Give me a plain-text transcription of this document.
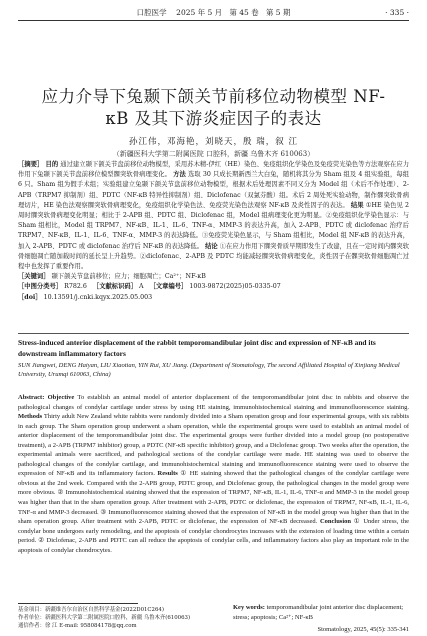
口腔医学 2025 年 5 月 第 45 卷 第 5 期	· 335 ·
应力介导下兔颞下颌关节前移位动物模型 NF-κB 及其下游炎症因子的表达
孙江伟，邓海艳，刘晓天，殷 瑞，叙 江
（新疆医科大学第二附属医院 口腔科，新疆 乌鲁木齐 610063）

［摘要］ 目的 通过建立颞下颌关节盘前移位动物模型，采用苏木精-伊红（HE）染色、免疫组织化学染色及免疫荧光染色等方法观察在应力作用下兔颞下颌关节盘前移位模型髁突软骨病理变化。 方法 选取 30 只成长期新西兰大白兔，随机将其分为 Sham 组及 4 组实验组，每组 6 只。Sham 组为假手术组；实验组建立兔颞下颌关节盘前移位动物模型，根据术后处理因素不同又分为 Model 组（术后不作处理）、2-APB（TRPM7 抑制剂）组、PDTC（NF-κB 特异性抑制剂）组、Diclofenac（双氯芬酸）组。术后 2 周处死实验动物，制作髁突软骨病理切片，HE 染色法观察髁突软骨病理变化，免疫组织化学染色法、免疫荧光染色法观察 NF-κB 及炎性因子的表达。 结果 ①HE 染色见 2 周时髁突软骨病理变化明显；相比于 2-APB 组、PDTC 组、Diclofenac 组，Model 组病理变化更为明显。②免疫组织化学染色显示：与 Sham 组相比，Model 组 TRPM7、NF-κB、IL-1、IL-6、TNF-α、MMP-3 的表达升高，加入 2-APB、PDTC 或 diclofenac 治疗后 TRPM7、NF-κB、IL-1、IL-6、TNF-α、MMP-3 的表达降低。③免疫荧光染色显示，与 Sham 组相比，Model 组 NF-κB 的表达升高，加入 2-APB、PDTC 或 diclofenac 治疗后 NF-κB 的表达降低。 结论 ①在应力作用下髁突骨质早期即发生了改建，且在一定时间内髁突软骨细胞凋亡随加载时间的延长呈上升趋势。②diclofenac、2-APB 及 PDTC 均能减轻髁突软骨病理变化，炎性因子在髁突软骨细胞凋亡过程中也发挥了重要作用。

［关键词］ 颞下颌关节盘前移位；应力；细胞凋亡；Ca²⁺；NF-κB

［中图分类号］ R782.6 ［文献标识码］ A ［文章编号］ 1003-9872(2025)05-0335-07

［doi］ 10.13591/j.cnki.kqyx.2025.05.003

Stress-induced anterior displacement of the rabbit temporomandibular joint disc and expression of NF-κB and its downstream inflammatory factors
SUN Jiangwei, DENG Haiyan, LIU Xiaotian, YIN Rui, XU Jiang. (Department of Stomatology, The second Affiliated Hospital of Xinjiang Medical University, Urumqi 610063, China)

Abstract: Objective To establish an animal model of anterior displacement of the temporomandibular joint disc in rabbits and observe the pathological changes of condylar cartilage under stress by using HE staining, immunohistochemical staining and immunofluorescence staining. Methods Thirty adult New Zealand white rabbits were randomly divided into a Sham operation group and four experimental groups, with six rabbits in each group. The Sham operation group underwent a sham operation, while the experimental groups were used to establish an animal model of anterior displacement of the temporomandibular joint disc. The experimental groups were further divided into a model group (no postoperative treatment), a 2-APB (TRPM7 inhibitor) group, a PDTC (NF-κB specific inhibitor) group, and a Diclofenac group. Two weeks after the operation, the experimental animals were sacrificed, and pathological sections of the condylar cartilage were made. HE staining was used to observe the pathological changes of the condylar cartilage, and immunohistochemical staining and immunofluorescence staining were used to observe the expression of NF-κB and its inflammatory factors. Results ① HE staining showed that the pathological changes of the condylar cartilage were obvious at the 2nd week. Compared with the 2-APB group, PDTC group, and Diclofenac group, the pathological changes in the model group were more obvious. ② Immunohistochemical staining showed that the expression of TRPM7, NF-κB, IL-1, IL-6, TNF-α and MMP-3 in the model group was higher than that in the sham operation group. After treatment with 2-APB, PDTC or diclofenac, the expression of TRPM7, NF-κB, IL-1, IL-6, TNF-α and MMP-3 decreased. ③ Immunofluorescence staining showed that the expression of NF-κB in the model group was higher than that in the sham operation group. After treatment with 2-APB, PDTC or diclofenac, the expression of NF-κB decreased. Conclusion ① Under stress, the condylar bone undergoes early remodeling, and the apoptosis of condylar chondrocytes increases with the extension of loading time within a certain period. ② Diclofenac, 2-APB and PDTC can all reduce the apoptosis of condylar cells, and inflammatory factors also play an important role in the apoptosis of condylar chondrocytes.

Key words: temporomandibular joint anterior disc displacement; stress; apoptosis; Ca²⁺; NF-κB

基金项目：新疆维吾尔自治区自然科学基金(2022D01C264)

作者单位：新疆医科大学第二附属医院口腔科，新疆 乌鲁木齐(610063)

通信作者：徐 江 E-mail: 958084178@qq.com	Stomatology, 2025, 45(5): 335-341
